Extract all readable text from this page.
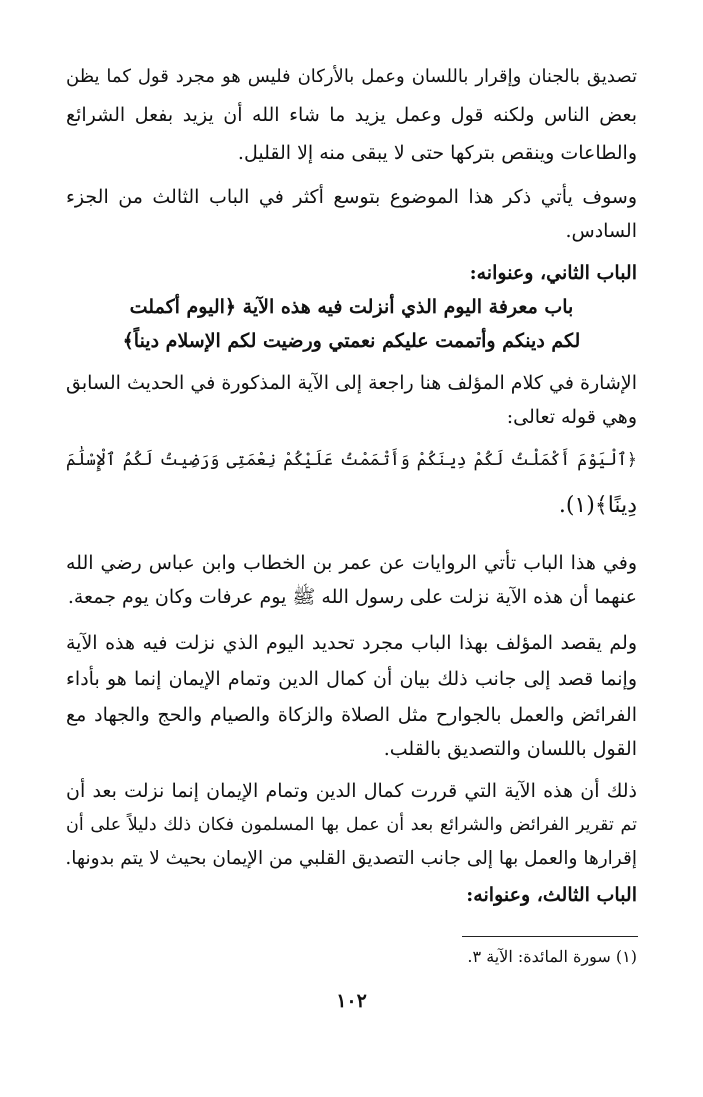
تصديق بالجنان وإقرار باللسان وعمل بالأركان فليس هو مجرد قول كما يظن
بعض الناس ولكنه قول وعمل يزيد ما شاء الله أن يزيد بفعل الشرائع
والطاعات وينقص بتركها حتى لا يبقى منه إلا القليل.
وسوف يأتي ذكر هذا الموضوع بتوسع أكثر في الباب الثالث من الجزء
السادس.
الباب الثاني، وعنوانه:
باب معرفة اليوم الذي أنزلت فيه هذه الآية ﴿اليوم أكملت
لكم دينكم وأتممت عليكم نعمتي ورضيت لكم الإسلام ديناً﴾
الإشارة في كلام المؤلف هنا راجعة إلى الآية المذكورة في الحديث السابق
وهي قوله تعالى:
﴿ٱلْيَوْمَ أَكْمَلْتُ لَكُمْ دِينَكُمْ وَأَتْمَمْتُ عَلَيْكُمْ نِعْمَتِى وَرَضِيتُ لَكُمُ ٱلْإِسْلَٰمَ
دِينًا﴾(١).
وفي هذا الباب تأتي الروايات عن عمر بن الخطاب وابن عباس رضي الله
عنهما أن هذه الآية نزلت على رسول الله ﷺ يوم عرفات وكان يوم جمعة.
ولم يقصد المؤلف بهذا الباب مجرد تحديد اليوم الذي نزلت فيه هذه الآية
وإنما قصد إلى جانب ذلك بيان أن كمال الدين وتمام الإيمان إنما هو بأداء
الفرائض والعمل بالجوارح مثل الصلاة والزكاة والصيام والحج والجهاد مع
القول باللسان والتصديق بالقلب.
ذلك أن هذه الآية التي قررت كمال الدين وتمام الإيمان إنما نزلت بعد أن
تم تقرير الفرائض والشرائع بعد أن عمل بها المسلمون فكان ذلك دليلاً على أن
إقرارها والعمل بها إلى جانب التصديق القلبي من الإيمان بحيث لا يتم بدونها.
الباب الثالث، وعنوانه:
(١) سورة المائدة: الآية ٣.
١٠٢
